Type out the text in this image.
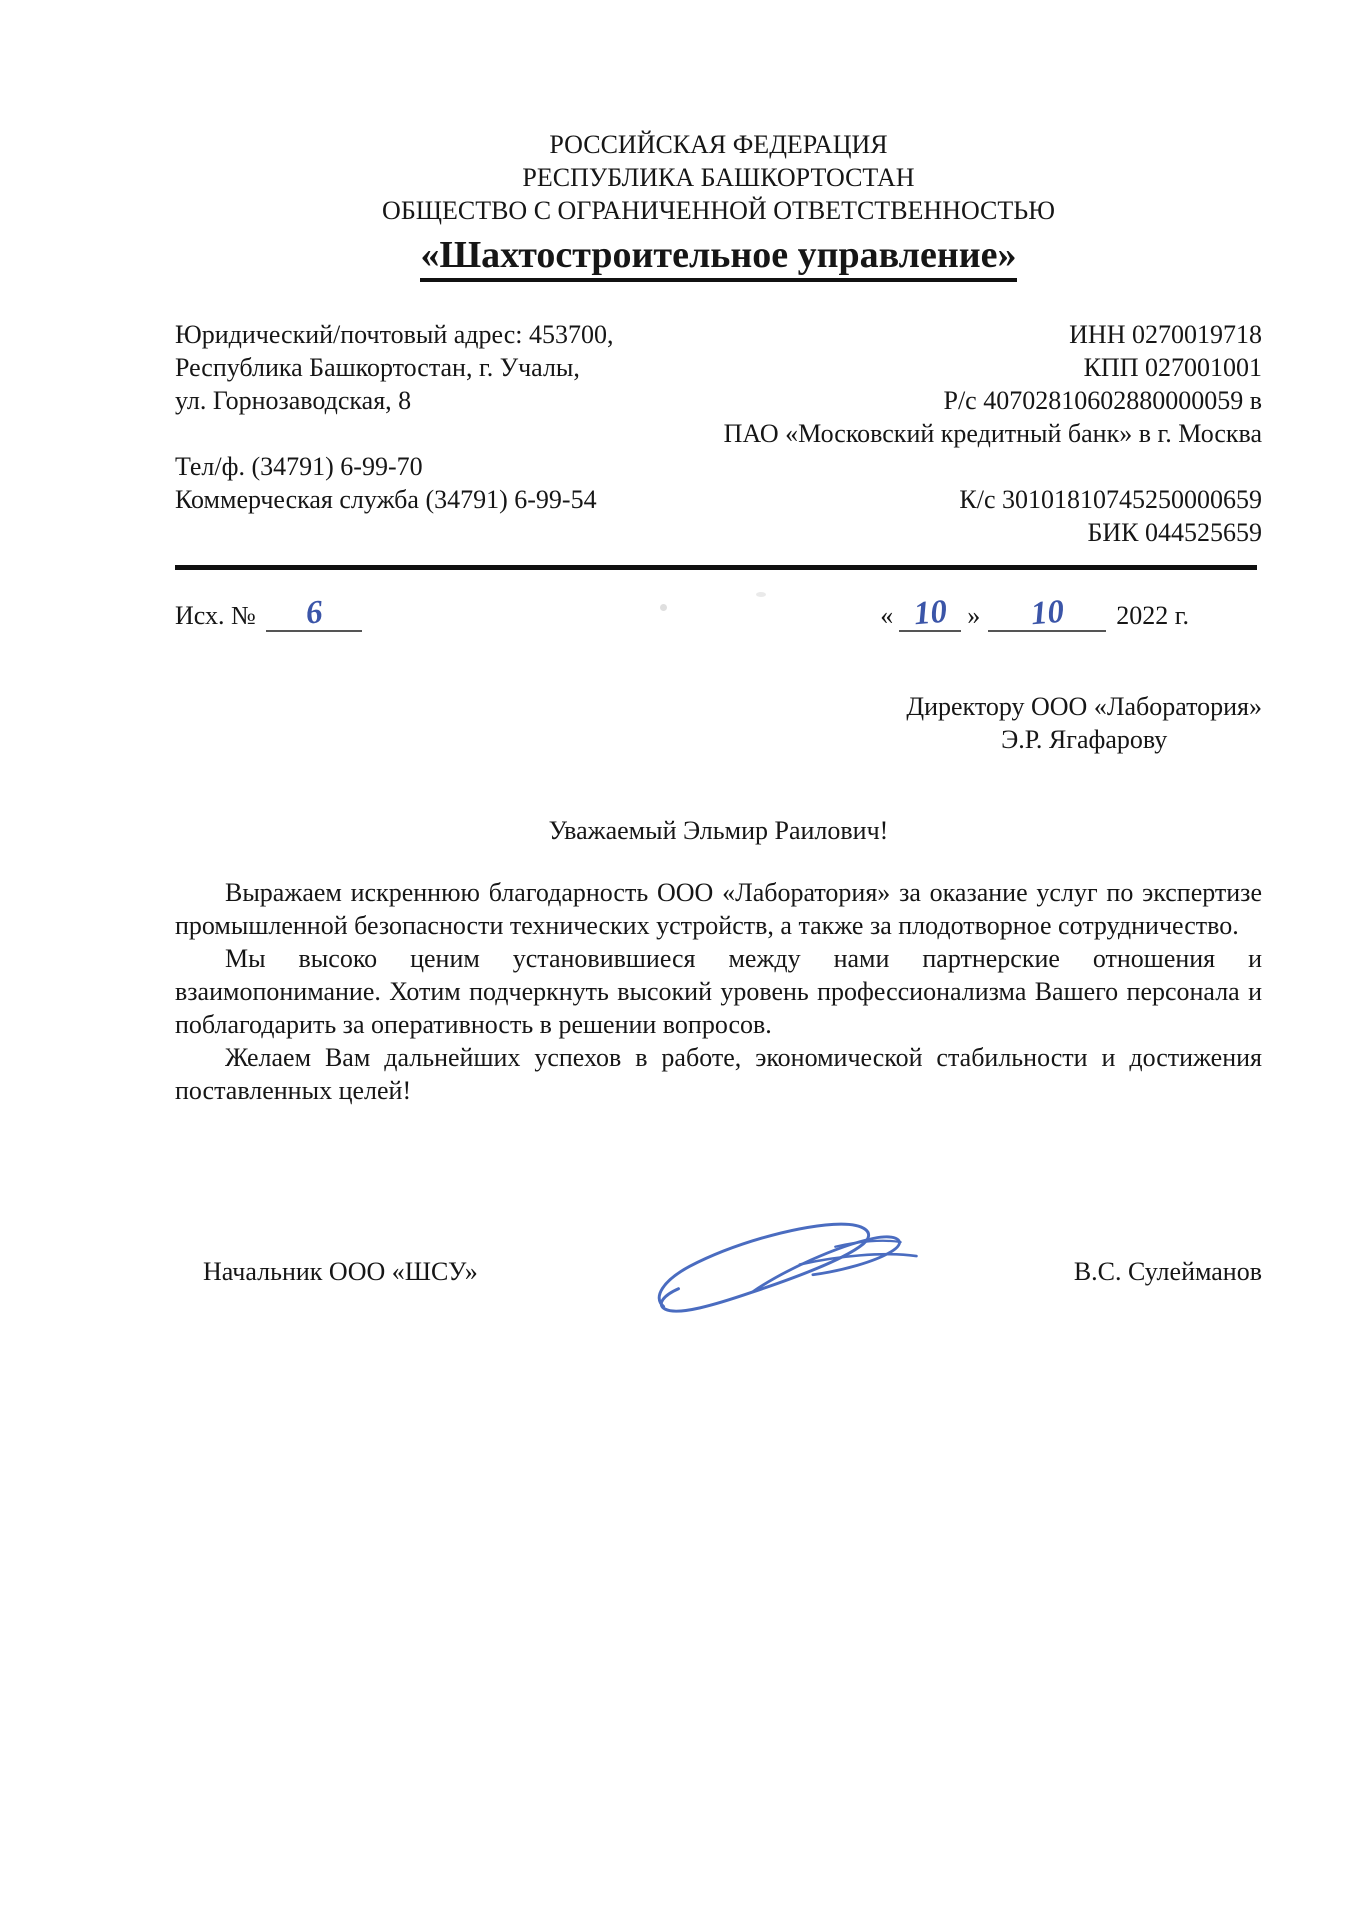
РОССИЙСКАЯ ФЕДЕРАЦИЯ
РЕСПУБЛИКА БАШКОРТОСТАН
ОБЩЕСТВО С ОГРАНИЧЕННОЙ ОТВЕТСТВЕННОСТЬЮ
«Шахтостроительное управление»
Юридический/почтовый адрес: 453700,
Республика Башкортостан, г. Учалы,
ул. Горнозаводская, 8
Тел/ф. (34791) 6-99-70
Коммерческая служба (34791) 6-99-54
ИНН 0270019718
КПП 027001001
Р/с 40702810602880000059 в
ПАО «Московский кредитный банк» в г. Москва
К/с 30101810745250000659
БИК 044525659
Исх. №	6	« 10 »	10	2022 г.
Директору ООО «Лаборатория»
Э.Р. Ягафарову
Уважаемый Эльмир Раилович!

Выражаем искреннюю благодарность ООО «Лаборатория» за оказание услуг по экспертизе промышленной безопасности технических устройств, а также за плодотворное сотрудничество.

Мы высоко ценим установившиеся между нами партнерские отношения и взаимопонимание. Хотим подчеркнуть высокий уровень профессионализма Вашего персонала и поблагодарить за оперативность в решении вопросов.

Желаем Вам дальнейших успехов в работе, экономической стабильности и достижения поставленных целей!

Начальник ООО «ШСУ»	В.С. Сулейманов
